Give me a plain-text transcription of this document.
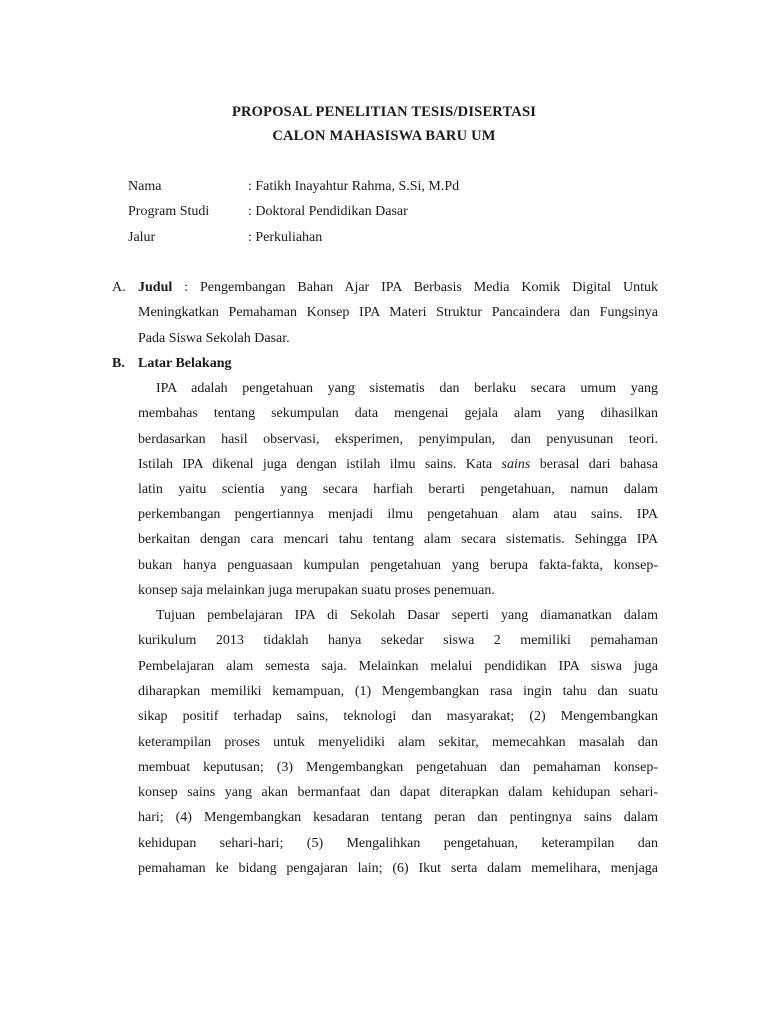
PROPOSAL PENELITIAN TESIS/DISERTASI
CALON MAHASISWA BARU UM
Nama	: Fatikh Inayahtur Rahma, S.Si, M.Pd
Program Studi	: Doktoral Pendidikan Dasar
Jalur	: Perkuliahan
A. Judul : Pengembangan Bahan Ajar IPA Berbasis Media Komik Digital Untuk
Meningkatkan Pemahaman Konsep IPA Materi Struktur Pancaindera dan Fungsinya
Pada Siswa Sekolah Dasar.
B. Latar Belakang
IPA adalah pengetahuan yang sistematis dan berlaku secara umum yang
membahas tentang sekumpulan data mengenai gejala alam yang dihasilkan
berdasarkan hasil observasi, eksperimen, penyimpulan, dan penyusunan teori.
Istilah IPA dikenal juga dengan istilah ilmu sains. Kata sains berasal dari bahasa
latin yaitu scientia yang secara harfiah berarti pengetahuan, namun dalam
perkembangan pengertiannya menjadi ilmu pengetahuan alam atau sains. IPA
berkaitan dengan cara mencari tahu tentang alam secara sistematis. Sehingga IPA
bukan hanya penguasaan kumpulan pengetahuan yang berupa fakta-fakta, konsep-
konsep saja melainkan juga merupakan suatu proses penemuan.
Tujuan pembelajaran IPA di Sekolah Dasar seperti yang diamanatkan dalam
kurikulum 2013 tidaklah hanya sekedar siswa 2 memiliki pemahaman
Pembelajaran alam semesta saja. Melainkan melalui pendidikan IPA siswa juga
diharapkan memiliki kemampuan, (1) Mengembangkan rasa ingin tahu dan suatu
sikap positif terhadap sains, teknologi dan masyarakat; (2) Mengembangkan
keterampilan proses untuk menyelidiki alam sekitar, memecahkan masalah dan
membuat keputusan; (3) Mengembangkan pengetahuan dan pemahaman konsep-
konsep sains yang akan bermanfaat dan dapat diterapkan dalam kehidupan sehari-
hari; (4) Mengembangkan kesadaran tentang peran dan pentingnya sains dalam
kehidupan sehari-hari; (5) Mengalihkan pengetahuan, keterampilan dan
pemahaman ke bidang pengajaran lain; (6) Ikut serta dalam memelihara, menjaga
